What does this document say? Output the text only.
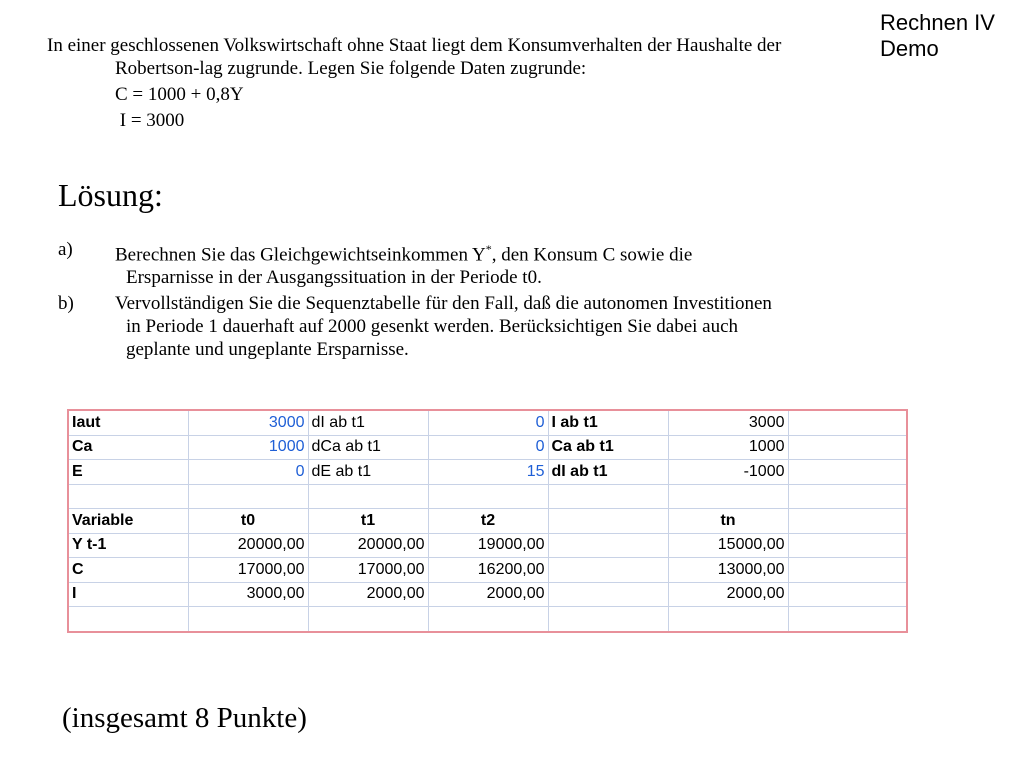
Rechnen IV
Demo
In einer geschlossenen Volkswirtschaft ohne Staat liegt dem Konsumverhalten der Haushalte der Robertson-lag zugrunde. Legen Sie folgende Daten zugrunde:
C = 1000 + 0,8Y
I = 3000
Lösung:
a) Berechnen Sie das Gleichgewichtseinkommen Y*, den Konsum C sowie die Ersparnisse in der Ausgangssituation in der Periode t0.
b) Vervollständigen Sie die Sequenztabelle für den Fall, daß die autonomen Investitionen in Periode 1 dauerhaft auf 2000 gesenkt werden. Berücksichtigen Sie dabei auch geplante und ungeplante Ersparnisse.
Iaut	3000	dI ab t1	0	I ab t1	3000	
Ca	1000	dCa ab t1	0	Ca ab t1	1000	
E	0	dE ab t1	15	dI ab t1	-1000	

Variable	t0	t1	t2		tn	
Y t-1	20000,00	20000,00	19000,00		15000,00	
C	17000,00	17000,00	16200,00		13000,00	
I	3000,00	2000,00	2000,00		2000,00	

(insgesamt 8 Punkte)
